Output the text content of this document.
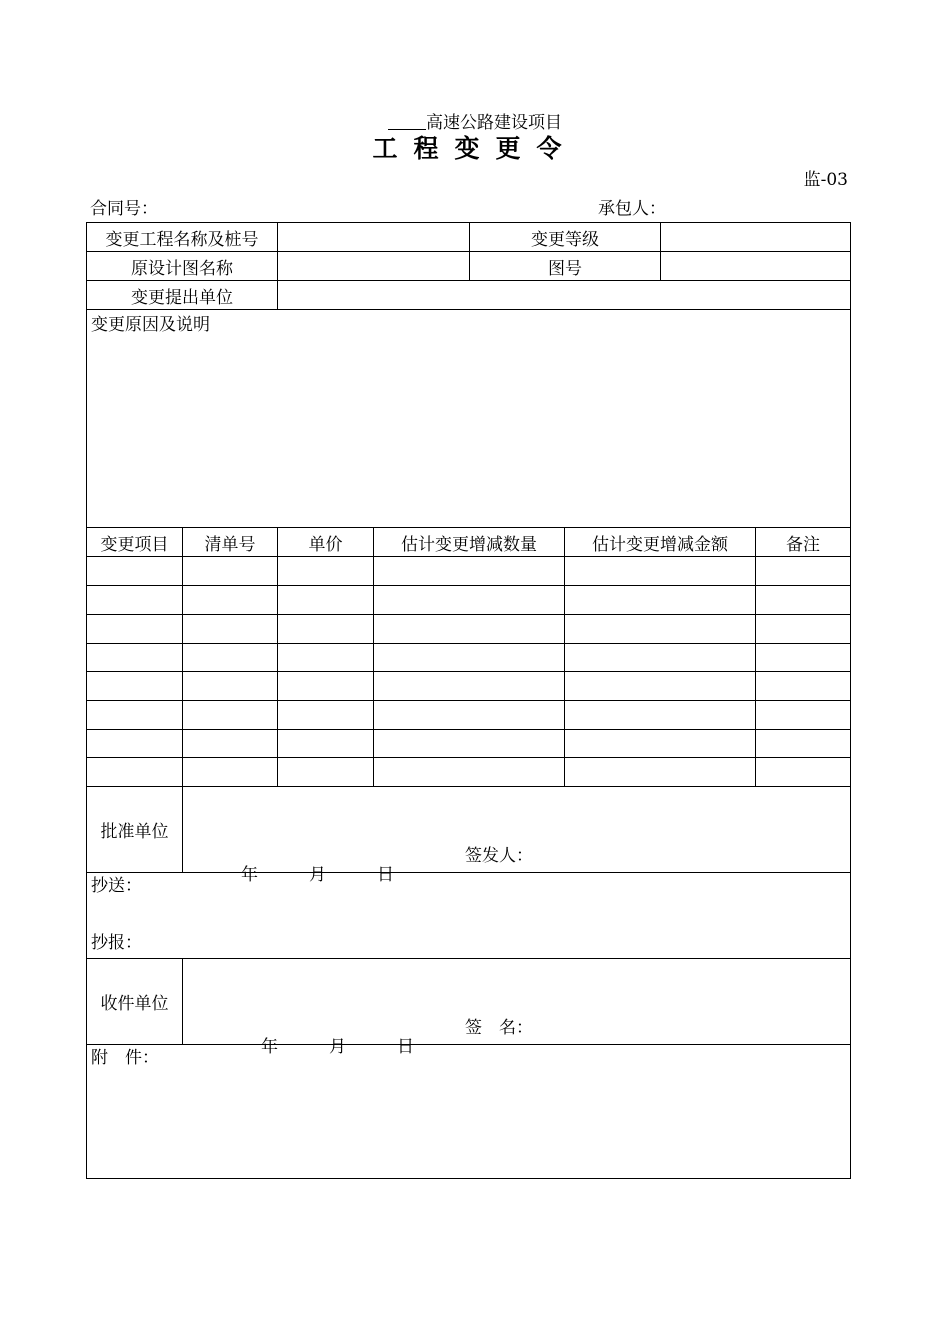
高速公路建设项目
工程变更令
监-03
合同号：	承包人：
变更工程名称及桩号	变更等级
原设计图名称	图号
变更提出单位
变更原因及说明
变更项目	清单号	单价	估计变更增减数量	估计变更增减金额	备注
批准单位
签发人：
年　　　月　　　日
抄送：
抄报：
收件单位
签　名：
年　　　月　　　日
附　件：
